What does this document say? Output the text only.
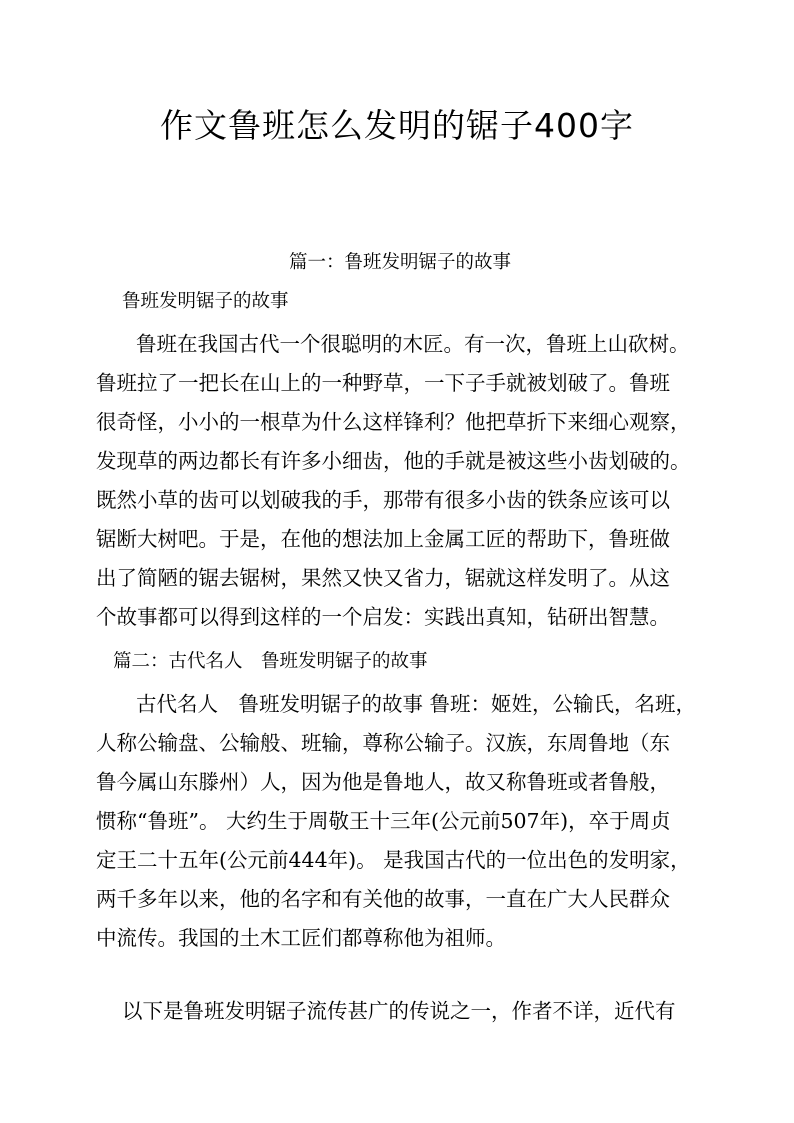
作文鲁班怎么发明的锯子400字
篇一：鲁班发明锯子的故事
鲁班发明锯子的故事
鲁班在我国古代一个很聪明的木匠。有一次，鲁班上山砍树。
鲁班拉了一把长在山上的一种野草，一下子手就被划破了。鲁班
很奇怪，小小的一根草为什么这样锋利？他把草折下来细心观察，
发现草的两边都长有许多小细齿，他的手就是被这些小齿划破的。
既然小草的齿可以划破我的手，那带有很多小齿的铁条应该可以
锯断大树吧。于是，在他的想法加上金属工匠的帮助下，鲁班做
出了简陋的锯去锯树，果然又快又省力，锯就这样发明了。从这
个故事都可以得到这样的一个启发：实践出真知，钻研出智慧。
篇二：古代名人　鲁班发明锯子的故事
古代名人　鲁班发明锯子的故事 鲁班：姬姓，公输氏，名班，
人称公输盘、公输般、班输，尊称公输子。汉族，东周鲁地（东
鲁今属山东滕州）人，因为他是鲁地人，故又称鲁班或者鲁般，
惯称“鲁班”。 大约生于周敬王十三年(公元前507年)，卒于周贞
定王二十五年(公元前444年)。 是我国古代的一位出色的发明家，
两千多年以来，他的名字和有关他的故事，一直在广大人民群众
中流传。我国的土木工匠们都尊称他为祖师。
以下是鲁班发明锯子流传甚广的传说之一，作者不详，近代有
